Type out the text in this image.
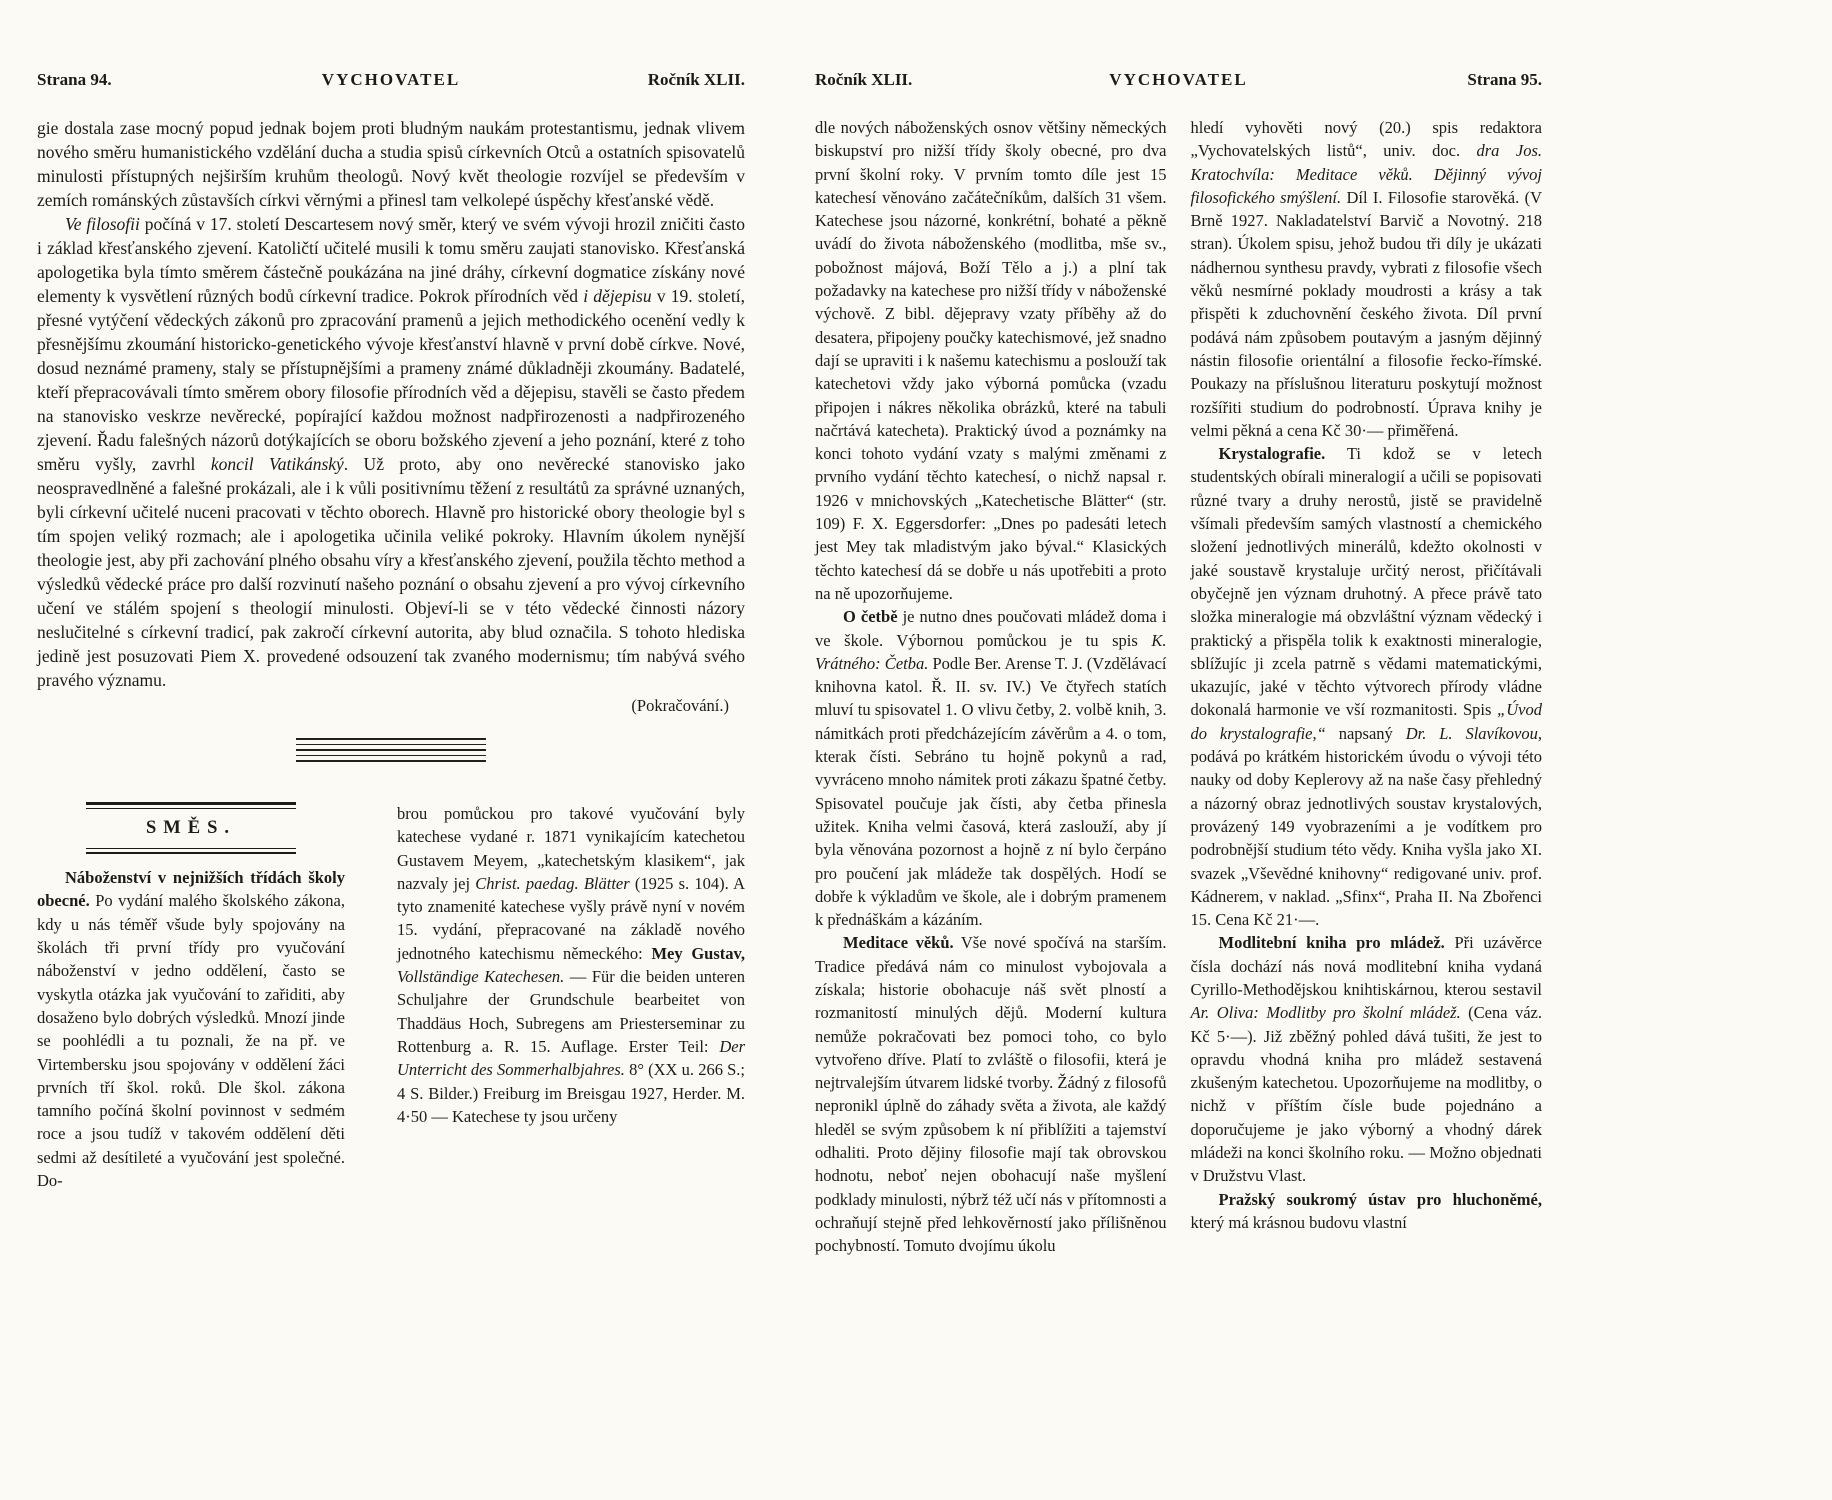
Strana 94.	VYCHOVATEL	Ročník XLII.

gie dostala zase mocný popud jednak bojem proti bludným naukám protestantismu, jednak vlivem nového směru humanistického vzdělání ducha a studia spisů církevních Otců a ostatních spisovatelů minulosti přístupných nejširším kruhům theologů. Nový květ theologie rozvíjel se především v zemích románských zůstavších církvi věrnými a přinesl tam velkolepé úspěchy křesťanské vědě.

Ve filosofii počíná v 17. století Descartesem nový směr, který ve svém vývoji hrozil zničiti často i základ křesťanského zjevení. Katoličtí učitelé musili k tomu směru zaujati stanovisko. Křesťanská apologetika byla tímto směrem částečně poukázána na jiné dráhy, církevní dogmatice získány nové elementy k vysvětlení různých bodů církevní tradice. Pokrok přírodních věd i dějepisu v 19. století, přesné vytýčení vědeckých zákonů pro zpracování pramenů a jejich methodického ocenění vedly k přesnějšímu zkoumání historicko-genetického vývoje křesťanství hlavně v první době církve. Nové, dosud neznámé prameny, staly se přístupnějšími a prameny známé důkladněji zkoumány. Badatelé, kteří přepracovávali tímto směrem obory filosofie přírodních věd a dějepisu, stavěli se často předem na stanovisko veskrze nevěrecké, popírající každou možnost nadpřirozenosti a nadpřirozeného zjevení. Řadu falešných názorů dotýkajících se oboru božského zjevení a jeho poznání, které z toho směru vyšly, zavrhl koncil Vatikánský. Už proto, aby ono nevěrecké stanovisko jako neospravedlněné a falešné prokázali, ale i k vůli positivnímu těžení z resultátů za správné uznaných, byli církevní učitelé nuceni pracovati v těchto oborech. Hlavně pro historické obory theologie byl s tím spojen veliký rozmach; ale i apologetika učinila veliké pokroky. Hlavním úkolem nynější theologie jest, aby při zachování plného obsahu víry a křesťanského zjevení, použila těchto method a výsledků vědecké práce pro další rozvinutí našeho poznání o obsahu zjevení a pro vývoj církevního učení ve stálém spojení s theologií minulosti. Objeví-li se v této vědecké činnosti názory neslučitelné s církevní tradicí, pak zakročí církevní autorita, aby blud označila. S tohoto hlediska jedině jest posuzovati Piem X. provedené odsouzení tak zvaného modernismu; tím nabývá svého pravého významu.

(Pokračování.)

SMĚS.

Náboženství v nejnižších třídách školy obecné. Po vydání malého školského zákona, kdy u nás téměř všude byly spojovány na školách tři první třídy pro vyučování náboženství v jedno oddělení, často se vyskytla otázka jak vyučování to zařiditi, aby dosaženo bylo dobrých výsledků. Mnozí jinde se poohlédli a tu poznali, že na př. ve Virtembersku jsou spojovány v oddělení žáci prvních tří škol. roků. Dle škol. zákona tamního počíná školní povinnost v sedmém roce a jsou tudíž v takovém oddělení děti sedmi až desítileté a vyučování jest společné. Do-

brou pomůckou pro takové vyučování byly katechese vydané r. 1871 vynikajícím katechetou Gustavem Meyem, „katechetským klasikem“, jak nazvaly jej Christ. paedag. Blätter (1925 s. 104). A tyto znamenité katechese vyšly právě nyní v novém 15. vydání, přepracované na základě nového jednotného katechismu německého: Mey Gustav, Vollständige Katechesen. — Für die beiden unteren Schuljahre der Grundschule bearbeitet von Thaddäus Hoch, Subregens am Priesterseminar zu Rottenburg a. R. 15. Auflage. Erster Teil: Der Unterricht des Sommerhalbjahres. 8° (XX u. 266 S.; 4 S. Bilder.) Freiburg im Breisgau 1927, Herder. M. 4·50 — Katechese ty jsou určeny

Ročník XLII.	VYCHOVATEL	Strana 95.

dle nových náboženských osnov většiny německých biskupství pro nižší třídy školy obecné, pro dva první školní roky. V prvním tomto díle jest 15 katechesí věnováno začátečníkům, dalších 31 všem. Katechese jsou názorné, konkrétní, bohaté a pěkně uvádí do života náboženského (modlitba, mše sv., pobožnost májová, Boží Tělo a j.) a plní tak požadavky na katechese pro nižší třídy v náboženské výchově. Z bibl. dějepravy vzaty příběhy až do desatera, připojeny poučky katechismové, jež snadno dají se upraviti i k našemu katechismu a poslouží tak katechetovi vždy jako výborná pomůcka (vzadu připojen i nákres několika obrázků, které na tabuli načrtává katecheta). Praktický úvod a poznámky na konci tohoto vydání vzaty s malými změnami z prvního vydání těchto katechesí, o nichž napsal r. 1926 v mnichovských „Katechetische Blätter“ (str. 109) F. X. Eggersdorfer: „Dnes po padesáti letech jest Mey tak mladistvým jako býval.“ Klasických těchto katechesí dá se dobře u nás upotřebiti a proto na ně upozorňujeme.

O četbě je nutno dnes poučovati mládež doma i ve škole. Výbornou pomůckou je tu spis K. Vrátného: Četba. Podle Ber. Arense T. J. (Vzdělávací knihovna katol. Ř. II. sv. IV.) Ve čtyřech statích mluví tu spisovatel 1. O vlivu četby, 2. volbě knih, 3. námitkách proti předcházejícím závěrům a 4. o tom, kterak čísti. Sebráno tu hojně pokynů a rad, vyvráceno mnoho námitek proti zákazu špatné četby. Spisovatel poučuje jak čísti, aby četba přinesla užitek. Kniha velmi časová, která zaslouží, aby jí byla věnována pozornost a hojně z ní bylo čerpáno pro poučení jak mládeže tak dospělých. Hodí se dobře k výkladům ve škole, ale i dobrým pramenem k přednáškám a kázáním.

Meditace věků. Vše nové spočívá na starším. Tradice předává nám co minulost vybojovala a získala; historie obohacuje náš svět plností a rozmanitostí minulých dějů. Moderní kultura nemůže pokračovati bez pomoci toho, co bylo vytvořeno dříve. Platí to zvláště o filosofii, která je nejtrvalejším útvarem lidské tvorby. Žádný z filosofů nepronikl úplně do záhady světa a života, ale každý hleděl se svým způsobem k ní přiblížiti a tajemství odhaliti. Proto dějiny filosofie mají tak obrovskou hodnotu, neboť nejen obohacují naše myšlení podklady minulosti, nýbrž též učí nás v přítomnosti a ochraňují stejně před lehkověrností jako přílišněnou pochybností. Tomuto dvojímu úkolu

hledí vyhověti nový (20.) spis redaktora „Vychovatelských listů“, univ. doc. dra Jos. Kratochvíla: Meditace věků. Dějinný vývoj filosofického smýšlení. Díl I. Filosofie starověká. (V Brně 1927. Nakladatelství Barvič a Novotný. 218 stran). Úkolem spisu, jehož budou tři díly je ukázati nádhernou synthesu pravdy, vybrati z filosofie všech věků nesmírné poklady moudrosti a krásy a tak přispěti k zduchovnění českého života. Díl první podává nám způsobem poutavým a jasným dějinný nástin filosofie orientální a filosofie řecko-římské. Poukazy na příslušnou literaturu poskytují možnost rozšířiti studium do podrobností. Úprava knihy je velmi pěkná a cena Kč 30·— přiměřená.

Krystalografie. Ti kdož se v letech studentských obírali mineralogií a učili se popisovati různé tvary a druhy nerostů, jistě se pravidelně všímali především samých vlastností a chemického složení jednotlivých minerálů, kdežto okolnosti v jaké soustavě krystaluje určitý nerost, přičítávali obyčejně jen význam druhotný. A přece právě tato složka mineralogie má obzvláštní význam vědecký i praktický a přispěla tolik k exaktnosti mineralogie, sblížujíc ji zcela patrně s vědami matematickými, ukazujíc, jaké v těchto výtvorech přírody vládne dokonalá harmonie ve vší rozmanitosti. Spis „Úvod do krystalografie,“ napsaný Dr. L. Slavíkovou, podává po krátkém historickém úvodu o vývoji této nauky od doby Keplerovy až na naše časy přehledný a názorný obraz jednotlivých soustav krystalových, provázený 149 vyobrazeními a je vodítkem pro podrobnější studium této vědy. Kniha vyšla jako XI. svazek „Vševědné knihovny“ redigované univ. prof. Kádnerem, v naklad. „Sfinx“, Praha II. Na Zbořenci 15. Cena Kč 21·—.

Modlitební kniha pro mládež. Při uzávěrce čísla dochází nás nová modlitební kniha vydaná Cyrillo-Methodějskou knihtiskárnou, kterou sestavil Ar. Oliva: Modlitby pro školní mládež. (Cena váz. Kč 5·—). Již zběžný pohled dává tušiti, že jest to opravdu vhodná kniha pro mládež sestavená zkušeným katechetou. Upozorňujeme na modlitby, o nichž v příštím čísle bude pojednáno a doporučujeme je jako výborný a vhodný dárek mládeži na konci školního roku. — Možno objednati v Družstvu Vlast.

Pražský soukromý ústav pro hluchoněmé, který má krásnou budovu vlastní
